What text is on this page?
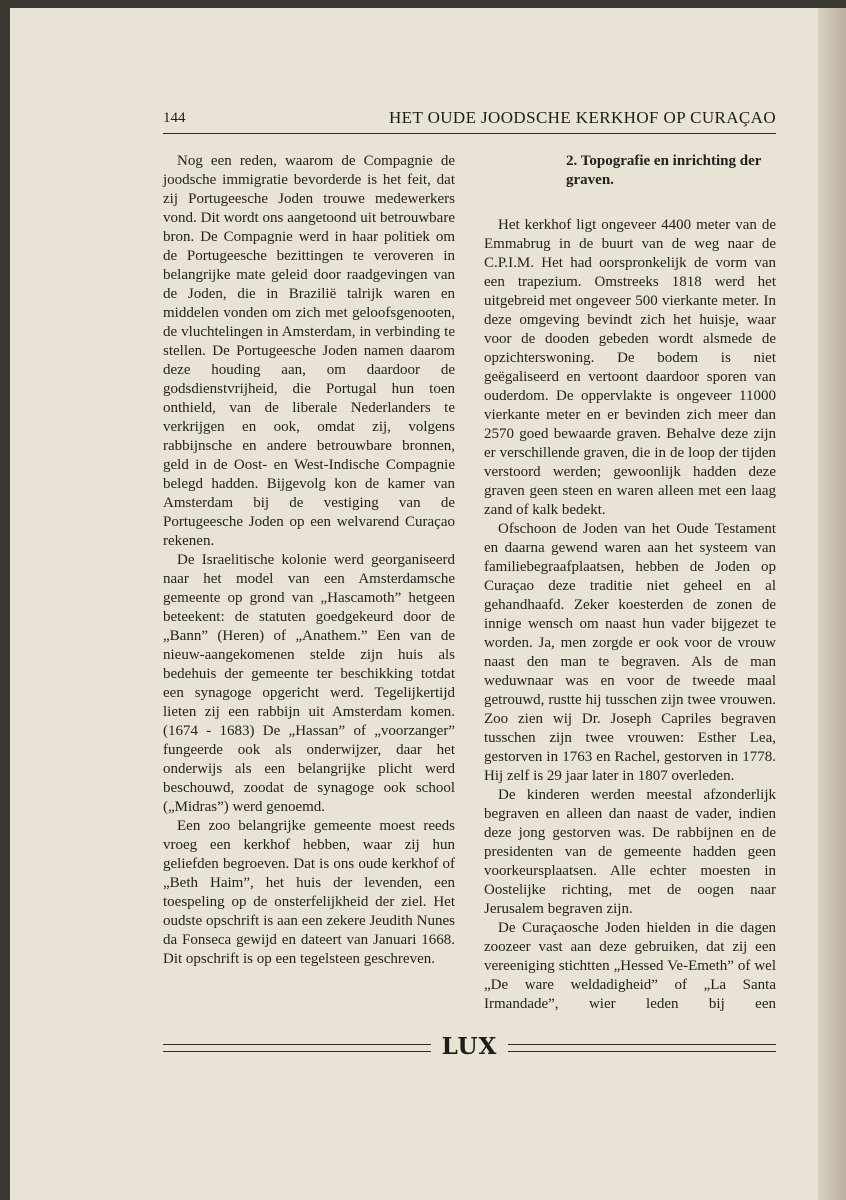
144	HET OUDE JOODSCHE KERKHOF OP CURAÇAO

Nog een reden, waarom de Compagnie de joodsche immigratie bevorderde is het feit, dat zij Portugeesche Joden trouwe medewerkers vond. Dit wordt ons aangetoond uit betrouwbare bron. De Compagnie werd in haar politiek om de Portugeesche bezittingen te veroveren in belangrijke mate geleid door raadgevingen van de Joden, die in Brazilië talrijk waren en middelen vonden om zich met geloofsgenooten, de vluchtelingen in Amsterdam, in verbinding te stellen. De Portugeesche Joden namen daarom deze houding aan, om daardoor de godsdienstvrijheid, die Portugal hun toen onthield, van de liberale Nederlanders te verkrijgen en ook, omdat zij, volgens rabbijnsche en andere betrouwbare bronnen, geld in de Oost- en West-Indische Compagnie belegd hadden. Bijgevolg kon de kamer van Amsterdam bij de vestiging van de Portugeesche Joden op een welvarend Curaçao rekenen.

De Israelitische kolonie werd georganiseerd naar het model van een Amsterdamsche gemeente op grond van „Hascamoth” hetgeen beteekent: de statuten goedgekeurd door de „Bann” (Heren) of „Anathem.” Een van de nieuw-aangekomenen stelde zijn huis als bedehuis der gemeente ter beschikking totdat een synagoge opgericht werd. Tegelijkertijd lieten zij een rabbijn uit Amsterdam komen. (1674 - 1683) De „Hassan” of „voorzanger” fungeerde ook als onderwijzer, daar het onderwijs als een belangrijke plicht werd beschouwd, zoodat de synagoge ook school („Midras”) werd genoemd.

Een zoo belangrijke gemeente moest reeds vroeg een kerkhof hebben, waar zij hun geliefden begroeven. Dat is ons oude kerkhof of „Beth Haim”, het huis der levenden, een toespeling op de onsterfelijkheid der ziel. Het oudste opschrift is aan een zekere Jeudith Nunes da Fonseca gewijd en dateert van Januari 1668. Dit opschrift is op een tegelsteen geschreven.

2. Topografie en inrichting der graven.

Het kerkhof ligt ongeveer 4400 meter van de Emmabrug in de buurt van de weg naar de C.P.I.M. Het had oorspronkelijk de vorm van een trapezium. Omstreeks 1818 werd het uitgebreid met ongeveer 500 vierkante meter. In deze omgeving bevindt zich het huisje, waar voor de dooden gebeden wordt alsmede de opzichterswoning. De bodem is niet geëgaliseerd en vertoont daardoor sporen van ouderdom. De oppervlakte is ongeveer 11000 vierkante meter en er bevinden zich meer dan 2570 goed bewaarde graven. Behalve deze zijn er verschillende graven, die in de loop der tijden verstoord werden; gewoonlijk hadden deze graven geen steen en waren alleen met een laag zand of kalk bedekt.

Ofschoon de Joden van het Oude Testament en daarna gewend waren aan het systeem van familiebegraafplaatsen, hebben de Joden op Curaçao deze traditie niet geheel en al gehandhaafd. Zeker koesterden de zonen de innige wensch om naast hun vader bijgezet te worden. Ja, men zorgde er ook voor de vrouw naast den man te begraven. Als de man weduwnaar was en voor de tweede maal getrouwd, rustte hij tusschen zijn twee vrouwen. Zoo zien wij Dr. Joseph Capriles begraven tusschen zijn twee vrouwen: Esther Lea, gestorven in 1763 en Rachel, gestorven in 1778. Hij zelf is 29 jaar later in 1807 overleden.

De kinderen werden meestal afzonderlijk begraven en alleen dan naast de vader, indien deze jong gestorven was. De rabbijnen en de presidenten van de gemeente hadden geen voorkeursplaatsen. Alle echter moesten in Oostelijke richting, met de oogen naar Jerusalem begraven zijn.

De Curaçaosche Joden hielden in die dagen zoozeer vast aan deze gebruiken, dat zij een vereeniging stichtten „Hessed Ve-Emeth” of wel „De ware weldadigheid” of „La Santa Irmandade”, wier leden bij een

LUX
